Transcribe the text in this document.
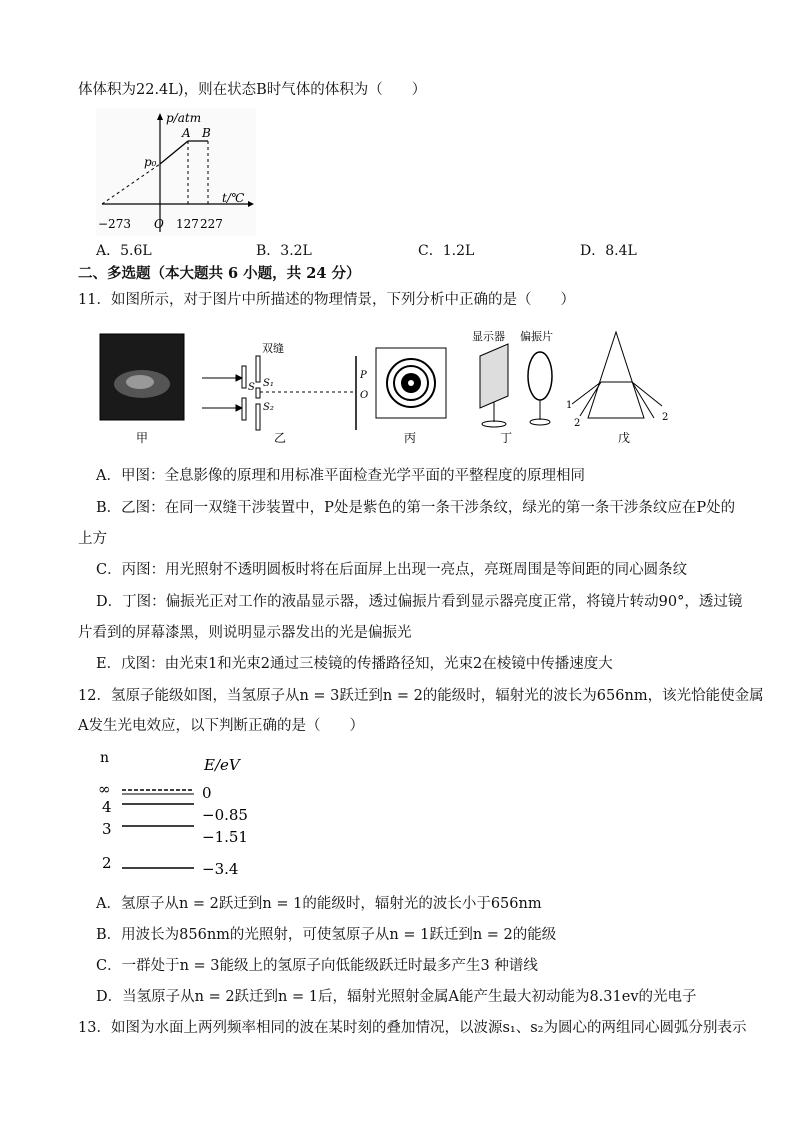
体体积为22.4L)，则在状态B时气体的体积为（　　）
p/atm
t/℃
p₀
A B
O
−273	127 227
A．5.6L	B．3.2L	C．1.2L	D．8.4L
二、多选题（本大题共 6 小题，共 24 分）
11．如图所示，对于图片中所描述的物理情景，下列分析中正确的是（　　）
甲
双缝
S S₁
S₂
P
O
乙	丙
显示器 偏振片
丁
1
2
2
戊
A．甲图：全息影像的原理和用标准平面检查光学平面的平整程度的原理相同
B．乙图：在同一双缝干涉装置中，P处是紫色的第一条干涉条纹，绿光的第一条干涉条纹应在P处的
上方
C．丙图：用光照射不透明圆板时将在后面屏上出现一亮点，亮斑周围是等间距的同心圆条纹
D．丁图：偏振光正对工作的液晶显示器，透过偏振片看到显示器亮度正常，将镜片转动90°，透过镜
片看到的屏幕漆黑，则说明显示器发出的光是偏振光
E．戊图：由光束1和光束2通过三棱镜的传播路径知，光束2在棱镜中传播速度大
12．氢原子能级如图，当氢原子从n = 3跃迁到n = 2的能级时，辐射光的波长为656nm，该光恰能使金属
A发生光电效应，以下判断正确的是（　　）
n	E/eV
∞	0
4	−0.85
3	−1.51
2	−3.4
A．氢原子从n = 2跃迁到n = 1的能级时，辐射光的波长小于656nm
B．用波长为856nm的光照射，可使氢原子从n = 1跃迁到n = 2的能级
C．一群处于n = 3能级上的氢原子向低能级跃迁时最多产生3 种谱线
D．当氢原子从n = 2跃迁到n = 1后，辐射光照射金属A能产生最大初动能为8.31ev的光电子
13．如图为水面上两列频率相同的波在某时刻的叠加情况，以波源s₁、s₂为圆心的两组同心圆弧分别表示
